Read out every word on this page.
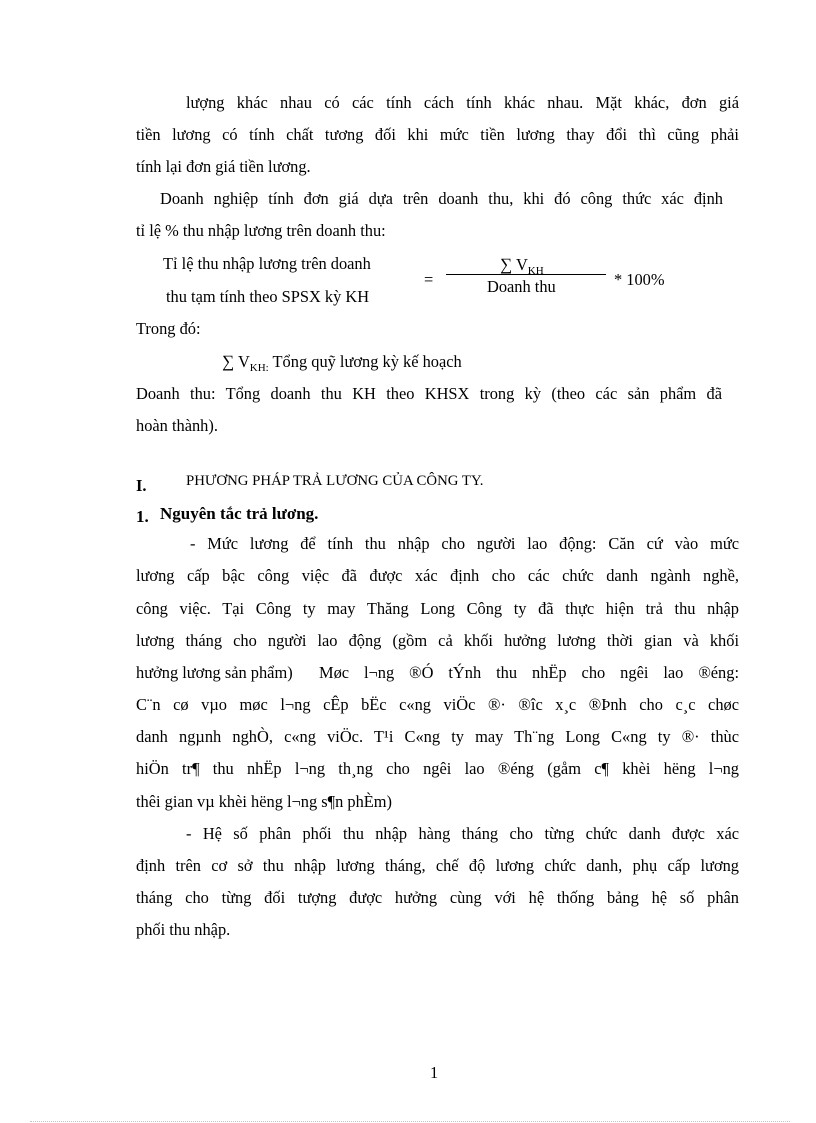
lượng khác nhau có các tính cách tính khác nhau. Mặt khác, đơn giá
tiền lương có tính chất tương đối khi mức tiền lương thay đổi thì cũng phải
tính lại đơn giá tiền lương.
Doanh nghiệp tính đơn giá dựa trên doanh thu, khi đó công thức xác định
tỉ lệ % thu nhập lương trên doanh thu:
Tỉ lệ thu nhập lương trên doanh
thu tạm tính theo SPSX kỳ KH
=
∑ $V_{KH}$
Doanh thu	* 100%
Trong đó:
∑ $V_{KH:}$ Tổng quỹ lương kỳ kế hoạch
Doanh thu: Tổng doanh thu KH theo KHSX trong kỳ (theo các sản phẩm đã
hoàn thành).
I.	PHƯƠNG PHÁP TRẢ LƯƠNG CỦA CÔNG TY.
1. Nguyên tắc trả lương.
- Mức lương để tính thu nhập cho người lao động: Căn cứ vào mức
lương cấp bậc công việc đã được xác định cho các chức danh ngành nghề,
công việc. Tại Công ty may Thăng Long Công ty đã thực hiện trả thu nhập
lương tháng cho người lao động (gồm cả khối hưởng lương thời gian và khối
hưởng lương sản phẩm) Møc l¬ng ®Ó tÝnh thu nhËp cho ngêi lao ®éng:
C¨n cø vµo møc l¬ng cÊp bËc c«ng viÖc ®· ®îc x¸c ®Þnh cho c¸c chøc
danh ngµnh nghÒ, c«ng viÖc. T¹i C«ng ty may Th¨ng Long C«ng ty ®· thùc
hiÖn tr¶ thu nhËp l¬ng th¸ng cho ngêi lao ®éng (gåm c¶ khèi hëng l¬ng
thêi gian vµ khèi hëng l¬ng s¶n phÈm)
- Hệ số phân phối thu nhập hàng tháng cho từng chức danh được xác
định trên cơ sở thu nhập lương tháng, chế độ lương chức danh, phụ cấp lương
tháng cho từng đối tượng được hưởng cùng với hệ thống bảng hệ số phân
phối thu nhập.
1
